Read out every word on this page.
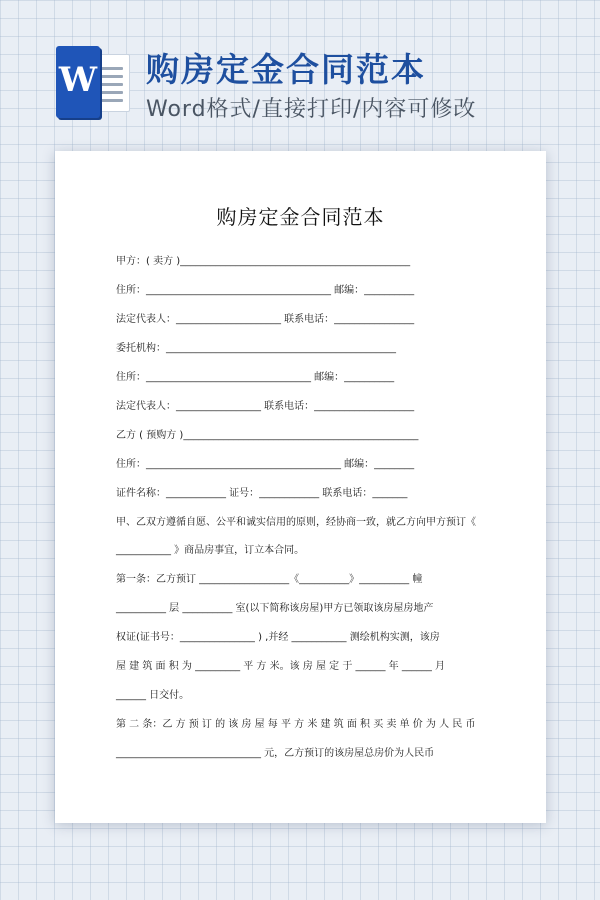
W 购房定金合同范本

Word格式/直接打印/内容可修改

购房定金合同范本

甲方：( 卖方 )______________________________________________

住所：_____________________________________ 邮编：__________

法定代表人：_____________________ 联系电话：________________

委托机构：______________________________________________

住所：_________________________________ 邮编：__________

法定代表人：_________________ 联系电话：____________________

乙方 ( 预购方 )_______________________________________________

住所：_______________________________________ 邮编：________

证件名称：____________ 证号：____________ 联系电话：_______

甲、乙双方遵循自愿、公平和诚实信用的原则，经协商一致，就乙方向甲方预订《

___________ 》商品房事宜，订立本合同。

第一条：乙方预订 __________________《__________》__________ 幢

__________ 层 __________ 室(以下简称该房屋)甲方已领取该房屋房地产

权证(证书号：_______________ ) ,并经 ___________ 测绘机构实测，该房

屋 建 筑 面 积 为 _________ 平 方 米。该 房 屋 定 于 ______ 年 ______ 月

______ 日交付。

第 二 条：乙 方 预 订 的 该 房 屋 每 平 方 米 建 筑 面 积 买 卖 单 价 为 人 民 币

_____________________________ 元，乙方预订的该房屋总房价为人民币
